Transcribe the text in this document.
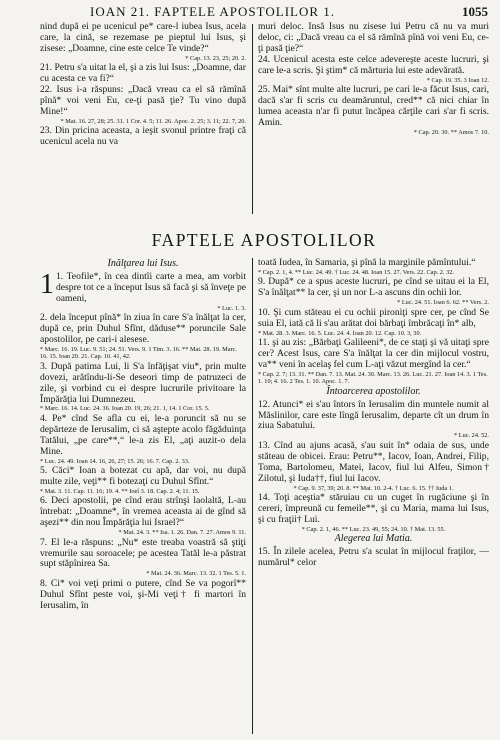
IOAN 21. FAPTELE APOSTOLILOR 1.	1055

nind după ei pe ucenicul pe* care-l iubea Isus, acela care, la cină, se rezemase pe pieptul lui Isus, şi zisese: „Doamne, cine este celce Te vinde?“

* Cap. 13. 23, 25; 20. 2.

21. Petru s'a uitat la el, şi a zis lui Isus: „Doamne, dar cu acesta ce va fi?“

22. Isus i-a răspuns: „Dacă vreau ca el să rămînă pînă* voi veni Eu, ce-ţi pasă ţie? Tu vino după Mine!“

* Mat. 16. 27, 28; 25. 31. 1 Cor. 4. 5; 11. 26. Apoc. 2. 25; 3. 11; 22. 7, 20.

23. Din pricina aceasta, a ieşit svonul printre fraţi că ucenicul acela nu va

muri deloc. Însă Isus nu zisese lui Petru că nu va muri deloc, ci: „Dacă vreau ca el să rămînă pînă voi veni Eu, ce-ţi pasă ţie?“

24. Ucenicul acesta este celce adevereşte aceste lucruri, şi care le-a scris. Şi ştim* că mărturia lui este adevărată.

* Cap. 19. 35. 3 Ioan 12.

25. Mai* sînt multe alte lucruri, pe cari le-a făcut Isus, cari, dacă s'ar fi scris cu deamăruntul, cred** că nici chiar în lumea aceasta n'ar fi putut încăpea cărţile cari s'ar fi scris. Amin.

* Cap. 20. 30. ** Amos 7. 10.
FAPTELE APOSTOLILOR
Înălţarea lui Isus.
1 1. Teofile*, în cea dintîi carte a mea, am vorbit despre tot ce a început Isus să facă şi să înveţe pe oameni,

* Luc. 1. 3.

2. dela început pînă* în ziua în care S'a înălţat la cer, după ce, prin Duhul Sfînt, dăduse** poruncile Sale apostolilor, pe cari-i alesese.

* Marc. 16. 19. Luc. 9. 51; 24. 51. Vers. 9. 1 Tim. 3. 16. ** Mat. 28. 19. Marc. 16. 15. Ioan 20. 21. Cap. 10. 41, 42.

3. După patima Lui, li S'a înfăţişat viu*, prin multe dovezi, arătîndu-li-Se deseori timp de patruzeci de zile, şi vorbind cu ei despre lucrurile privitoare la Împărăţia lui Dumnezeu.

* Marc. 16. 14. Luc. 24. 36. Ioan 20. 19, 26; 21. 1, 14. 1 Cor. 15. 5.

4. Pe* cînd Se afla cu ei, le-a poruncit să nu se depărteze de Ierusalim, ci să aştepte acolo făgăduinţa Tatălui, „pe care**,“ le-a zis El, „aţi auzit-o dela Mine.

* Luc. 24. 49. Ioan 14. 16, 26, 27; 15. 26; 16. 7. Cap. 2. 33.

5. Căci* Ioan a botezat cu apă, dar voi, nu după multe zile, veţi** fi botezaţi cu Duhul Sfînt.“

* Mat. 3. 11. Cap. 11. 16; 19. 4. ** Ioel 3. 18. Cap. 2. 4; 11. 15.

6. Deci apostolii, pe cînd erau strînşi laolaltă, L-au întrebat: „Doamne*, în vremea aceasta ai de gînd să aşezi** din nou Împărăţia lui Israel?“

* Mat. 24. 3. ** Isa. 1. 26. Dan. 7. 27. Amos 9. 11.

7. El le-a răspuns: „Nu* este treaba voastră să ştiţi vremurile sau soroacele; pe acestea Tatăl le-a păstrat supt stăpînirea Sa.

* Mat. 24. 36. Marc. 13. 32. 1 Tes. 5. 1.

8. Ci* voi veţi primi o putere, cînd Se va pogorî** Duhul Sfînt peste voi, şi-Mi veţi† fi martori în Ierusalim, în

toată Iudea, în Samaria, şi pînă la marginile pămîntului.“

* Cap. 2. 1, 4. ** Luc. 24. 49. † Luc. 24. 48. Ioan 15. 27. Vers. 22. Cap. 2. 32.

9. După* ce a spus aceste lucruri, pe cînd se uitau ei la El, S'a înălţat** la cer, şi un nor L-a ascuns din ochii lor.

* Luc. 24. 51. Ioan 6. 62. ** Vers. 2.

10. Şi cum stăteau ei cu ochii pironiţi spre cer, pe cînd Se suia El, iată că li s'au arătat doi bărbaţi îmbrăcaţi în* alb,

* Mat. 28. 3. Marc. 16. 5. Luc. 24. 4. Ioan 20. 12. Cap. 10. 3, 30.

11. şi au zis: „Bărbaţi Galileeni*, de ce staţi şi vă uitaţi spre cer? Acest Isus, care S'a înălţat la cer din mijlocul vostru, va** veni în acelaş fel cum L-aţi văzut mergînd la cer.“

* Cap. 2. 7; 13. 31. ** Dan. 7. 13. Mat. 24. 30. Marc. 13. 26. Luc. 21. 27. Ioan 14. 3. 1 Tes. 1. 10; 4. 16. 2 Tes. 1. 10. Apoc. 1. 7.
Întoarcerea apostolilor.

12. Atunci* ei s'au întors în Ierusalim din muntele numit al Măslinilor, care este lîngă Ierusalim, departe cît un drum în ziua Sabatului.

* Luc. 24. 52.

13. Cînd au ajuns acasă, s'au suit în* odaia de sus, unde stăteau de obicei. Erau: Petru**, Iacov, Ioan, Andrei, Filip, Toma, Bartolomeu, Matei, Iacov, fiul lui Alfeu, Simon† Zilotul, şi Iuda††, fiul lui Iacov.

* Cap. 9. 37, 39; 20. 8. ** Mat. 10. 2-4. † Luc. 6. 15. †† Iuda 1.

14. Toţi aceştia* stăruiau cu un cuget în rugăciune şi în cereri, împreună cu femeile**, şi cu Maria, mama lui Isus, şi cu fraţii† Lui.

* Cap. 2. 1, 46. ** Luc. 23. 49, 55; 24. 10. † Mat. 13. 55.
Alegerea lui Matia.

15. În zilele acelea, Petru s'a sculat în mijlocul fraţilor, — numărul* celor
